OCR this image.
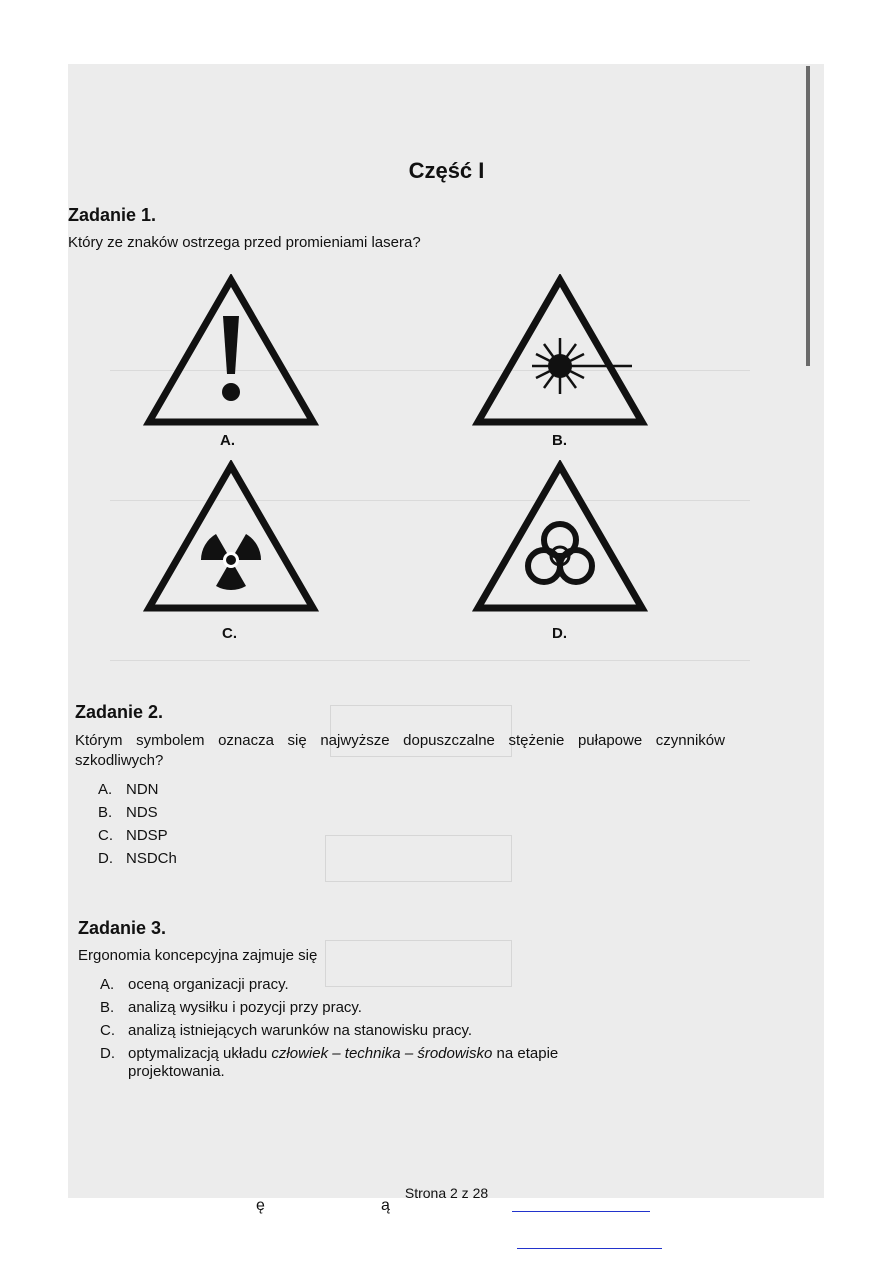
Część I
Zadanie 1.
Który ze znaków ostrzega przed promieniami lasera?
A.	B.
C.	D.
Zadanie 2.
Którym symbolem oznacza się najwyższe dopuszczalne stężenie pułapowe czynników szkodliwych?
A. NDN
B. NDS
C. NDSP
D. NSDCh
Zadanie 3.
Ergonomia koncepcyjna zajmuje się
A. oceną organizacji pracy.
B. analizą wysiłku i pozycji przy pracy.
C. analizą istniejących warunków na stanowisku pracy.
D. optymalizacją układu człowiek – technika – środowisko na etapie projektowania.
Strona 2 z 28
ę	ą
